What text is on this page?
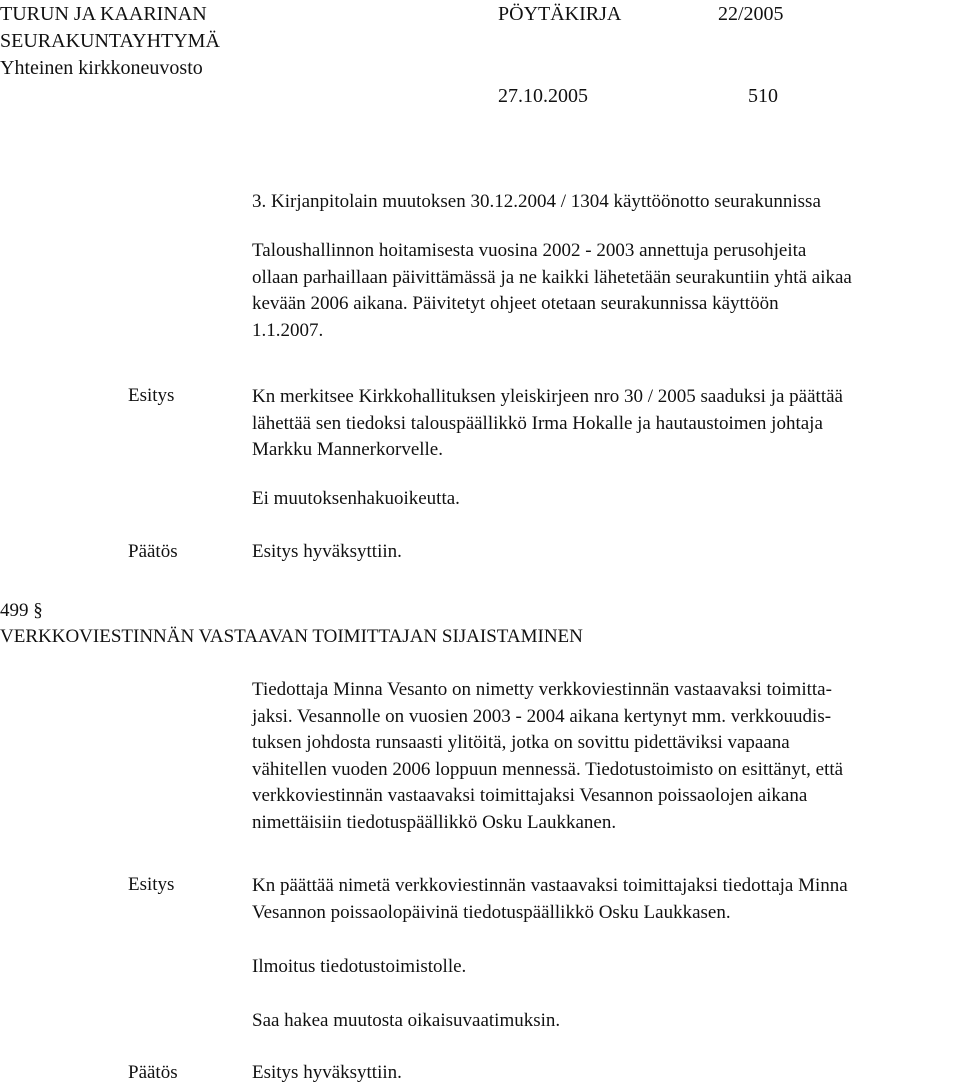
TURUN JA KAARINAN
SEURAKUNTAYHTYMÄ
Yhteinen kirkkoneuvosto
PÖYTÄKIRJA	22/2005
27.10.2005	510
3. Kirjanpitolain muutoksen 30.12.2004 / 1304 käyttöönotto seurakunnissa
Taloushallinnon hoitamisesta vuosina 2002 - 2003 annettuja perusohjeita
ollaan parhaillaan päivittämässä ja ne kaikki lähetetään seurakuntiin yhtä aikaa
kevään 2006 aikana. Päivitetyt ohjeet otetaan seurakunnissa käyttöön
1.1.2007.
Esitys	Kn merkitsee Kirkkohallituksen yleiskirjeen nro 30 / 2005 saaduksi ja päättää
lähettää sen tiedoksi talouspäällikkö Irma Hokalle ja hautaustoimen johtaja
Markku Mannerkorvelle.
Ei muutoksenhakuoikeutta.
Päätös	Esitys hyväksyttiin.
499 §
VERKKOVIESTINNÄN VASTAAVAN TOIMITTAJAN SIJAISTAMINEN
Tiedottaja Minna Vesanto on nimetty verkkoviestinnän vastaavaksi toimitta-
jaksi. Vesannolle on vuosien 2003 - 2004 aikana kertynyt mm. verkkouudis-
tuksen johdosta runsaasti ylitöitä, jotka on sovittu pidettäviksi vapaana
vähitellen vuoden 2006 loppuun mennessä. Tiedotustoimisto on esittänyt, että
verkkoviestinnän vastaavaksi toimittajaksi Vesannon poissaolojen aikana
nimettäisiin tiedotuspäällikkö Osku Laukkanen.
Esitys	Kn päättää nimetä verkkoviestinnän vastaavaksi toimittajaksi tiedottaja Minna
Vesannon poissaolopäivinä tiedotuspäällikkö Osku Laukkasen.
Ilmoitus tiedotustoimistolle.
Saa hakea muutosta oikaisuvaatimuksin.
Päätös	Esitys hyväksyttiin.
